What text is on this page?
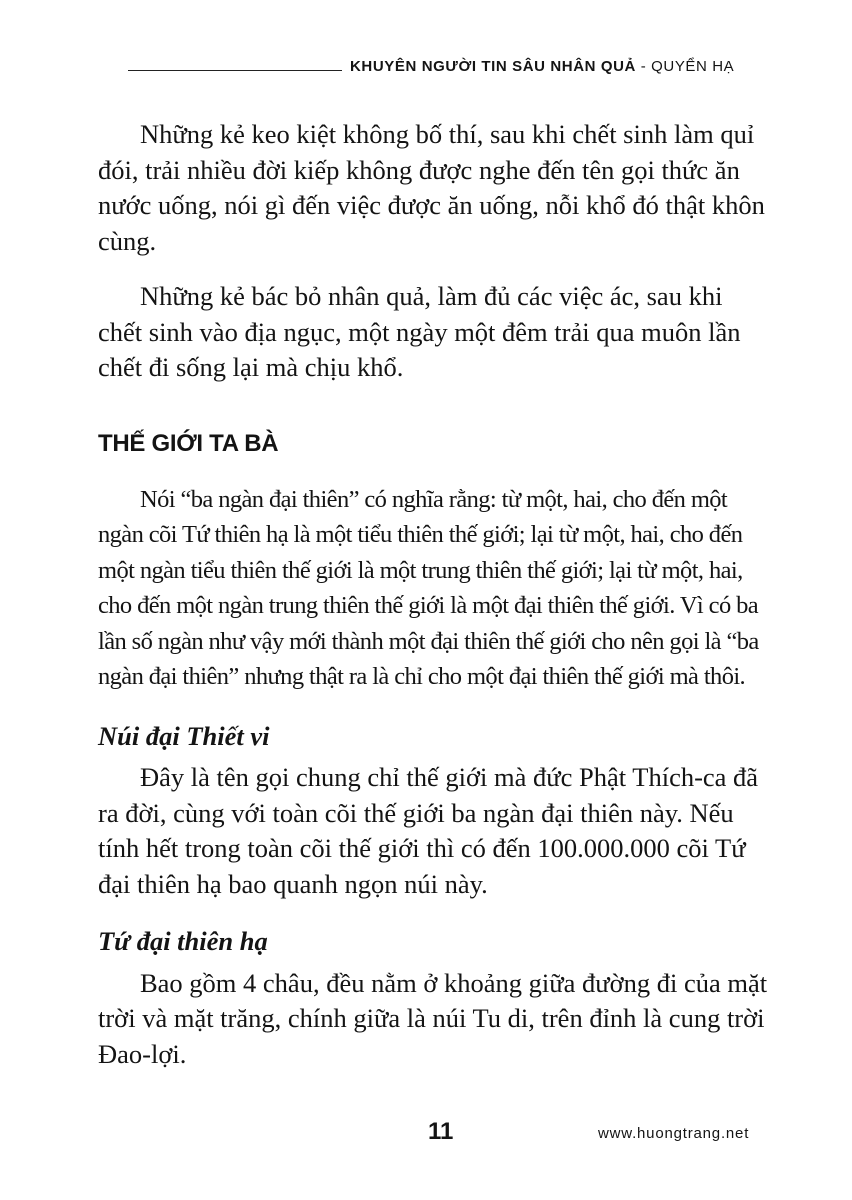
KHUYÊN NGƯỜI TIN SÂU NHÂN QUẢ - QUYỂN HẠ

Những kẻ keo kiệt không bố thí, sau khi chết sinh làm quỉ đói, trải nhiều đời kiếp không được nghe đến tên gọi thức ăn nước uống, nói gì đến việc được ăn uống, nỗi khổ đó thật khôn cùng.

Những kẻ bác bỏ nhân quả, làm đủ các việc ác, sau khi chết sinh vào địa ngục, một ngày một đêm trải qua muôn lần chết đi sống lại mà chịu khổ.

THẾ GIỚI TA BÀ

Nói “ba ngàn đại thiên” có nghĩa rằng: từ một, hai, cho đến một ngàn cõi Tứ thiên hạ là một tiểu thiên thế giới; lại từ một, hai, cho đến một ngàn tiểu thiên thế giới là một trung thiên thế giới; lại từ một, hai, cho đến một ngàn trung thiên thế giới là một đại thiên thế giới. Vì có ba lần số ngàn như vậy mới thành một đại thiên thế giới cho nên gọi là “ba ngàn đại thiên” nhưng thật ra là chỉ cho một đại thiên thế giới mà thôi.

Núi đại Thiết vi

Đây là tên gọi chung chỉ thế giới mà đức Phật Thích-ca đã ra đời, cùng với toàn cõi thế giới ba ngàn đại thiên này. Nếu tính hết trong toàn cõi thế giới thì có đến 100.000.000 cõi Tứ đại thiên hạ bao quanh ngọn núi này.

Tứ đại thiên hạ

Bao gồm 4 châu, đều nằm ở khoảng giữa đường đi của mặt trời và mặt trăng, chính giữa là núi Tu di, trên đỉnh là cung trời Đao-lợi.

11	www.huongtrang.net
